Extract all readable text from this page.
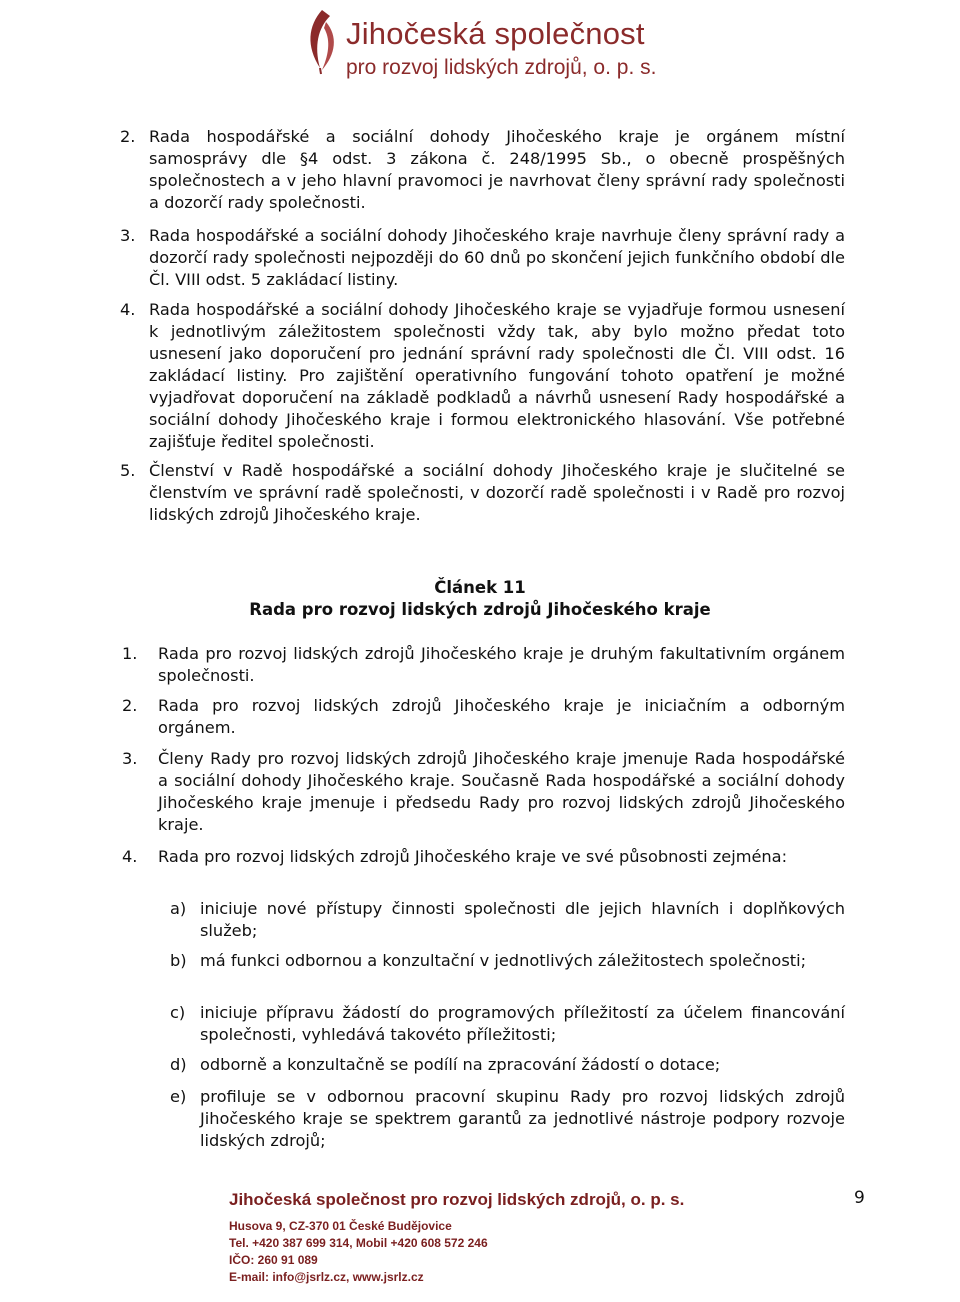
Jihočeská společnost
pro rozvoj lidských zdrojů, o. p. s.
2. Rada hospodářské a sociální dohody Jihočeského kraje je orgánem místní samosprávy dle §4 odst. 3 zákona č. 248/1995 Sb., o obecně prospěšných společnostech a v jeho hlavní pravomoci je navrhovat členy správní rady společnosti a dozorčí rady společnosti.
3. Rada hospodářské a sociální dohody Jihočeského kraje navrhuje členy správní rady a dozorčí rady společnosti nejpozději do 60 dnů po skončení jejich funkčního období dle Čl. VIII odst. 5 zakládací listiny.
4. Rada hospodářské a sociální dohody Jihočeského kraje se vyjadřuje formou usnesení k jednotlivým záležitostem společnosti vždy tak, aby bylo možno předat toto usnesení jako doporučení pro jednání správní rady společnosti dle Čl. VIII odst. 16 zakládací listiny. Pro zajištění operativního fungování tohoto opatření je možné vyjadřovat doporučení na základě podkladů a návrhů usnesení Rady hospodářské a sociální dohody Jihočeského kraje i formou elektronického hlasování. Vše potřebné zajišťuje ředitel společnosti.
5. Členství v Radě hospodářské a sociální dohody Jihočeského kraje je slučitelné se členstvím ve správní radě společnosti, v dozorčí radě společnosti i v Radě pro rozvoj lidských zdrojů Jihočeského kraje.
Článek 11
Rada pro rozvoj lidských zdrojů Jihočeského kraje
1. Rada pro rozvoj lidských zdrojů Jihočeského kraje je druhým fakultativním orgánem společnosti.
2. Rada pro rozvoj lidských zdrojů Jihočeského kraje je iniciačním a odborným orgánem.
3. Členy Rady pro rozvoj lidských zdrojů Jihočeského kraje jmenuje Rada hospodářské a sociální dohody Jihočeského kraje. Současně Rada hospodářské a sociální dohody Jihočeského kraje jmenuje i předsedu Rady pro rozvoj lidských zdrojů Jihočeského kraje.
4. Rada pro rozvoj lidských zdrojů Jihočeského kraje ve své působnosti zejména:
a) iniciuje nové přístupy činnosti společnosti dle jejich hlavních i doplňkových služeb;
b) má funkci odbornou a konzultační v jednotlivých záležitostech společnosti;
c) iniciuje přípravu žádostí do programových příležitostí za účelem financování společnosti, vyhledává takovéto příležitosti;
d) odborně a konzultačně se podílí na zpracování žádostí o dotace;
e) profiluje se v odbornou pracovní skupinu Rady pro rozvoj lidských zdrojů Jihočeského kraje se spektrem garantů za jednotlivé nástroje podpory rozvoje lidských zdrojů;
Jihočeská společnost pro rozvoj lidských zdrojů, o. p. s.	9
Husova 9, CZ-370 01 České Budějovice
Tel. +420 387 699 314, Mobil +420 608 572 246
IČO: 260 91 089
E-mail: info@jsrlz.cz, www.jsrlz.cz
